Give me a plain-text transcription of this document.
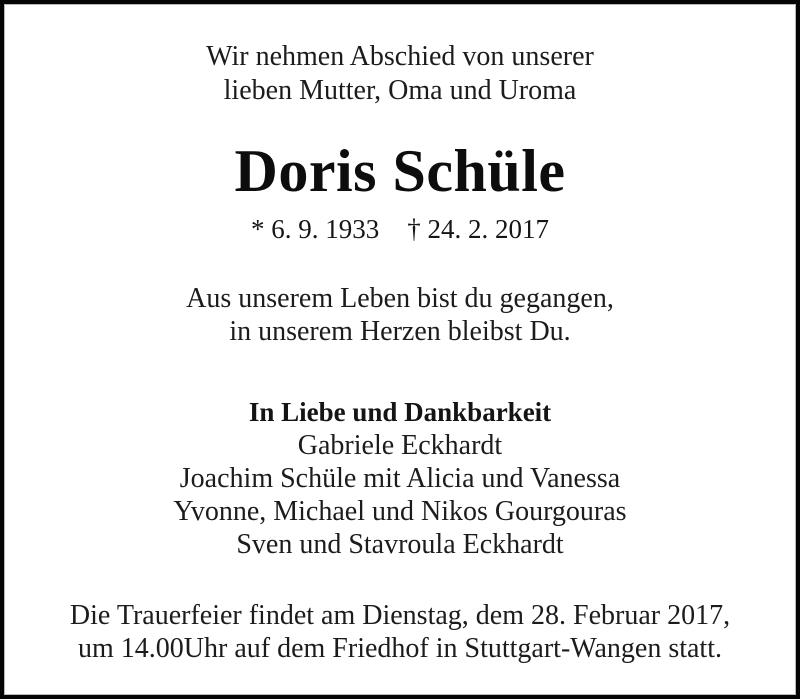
Wir nehmen Abschied von unserer
lieben Mutter, Oma und Uroma
Doris Schüle
* 6. 9. 1933 † 24. 2. 2017
Aus unserem Leben bist du gegangen,
in unserem Herzen bleibst Du.
In Liebe und Dankbarkeit
Gabriele Eckhardt
Joachim Schüle mit Alicia und Vanessa
Yvonne, Michael und Nikos Gourgouras
Sven und Stavroula Eckhardt
Die Trauerfeier findet am Dienstag, dem 28. Februar 2017,
um 14.00Uhr auf dem Friedhof in Stuttgart-Wangen statt.
